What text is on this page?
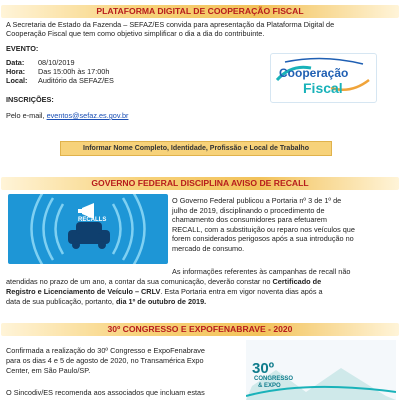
PLATAFORMA DIGITAL DE COOPERAÇÃO FISCAL
A Secretaria de Estado da Fazenda – SEFAZ/ES convida para apresentação da Plataforma Digital de
Cooperação Fiscal que tem como objetivo simplificar o dia a dia do contribuinte.
EVENTO:
Data: 08/10/2019
Hora: Das 15:00h às 17:00h
Local: Auditório da SEFAZ/ES
INSCRIÇÕES:
Pelo e-mail, eventos@sefaz.es.gov.br
Informar Nome Completo, Identidade, Profissão e Local de Trabalho
Cooperação
Fiscal
GOVERNO FEDERAL DISCIPLINA AVISO DE RECALL
RECALLS
O Governo Federal publicou a Portaria nº 3 de 1º de
julho de 2019, disciplinando o procedimento de
chamamento dos consumidores para efetuarem
RECALL, com a substituição ou reparo nos veículos que
forem considerados perigosos após a sua introdução no
mercado de consumo.
As informações referentes às campanhas de recall não
atendidas no prazo de um ano, a contar da sua comunicação, deverão constar no Certificado de
Registro e Licenciamento de Veículo – CRLV. Esta Portaria entra em vigor noventa dias após a
data de sua publicação, portanto, dia 1º de outubro de 2019.
30º CONGRESSO E EXPOFENABRAVE - 2020
Confirmada a realização do 30º Congresso e ExpoFenabrave
para os dias 4 e 5 de agosto de 2020, no Transamérica Expo
Center, em São Paulo/SP.
O Sincodiv/ES recomenda aos associados que incluam estas
30º
CONGRESSO
& EXPO
